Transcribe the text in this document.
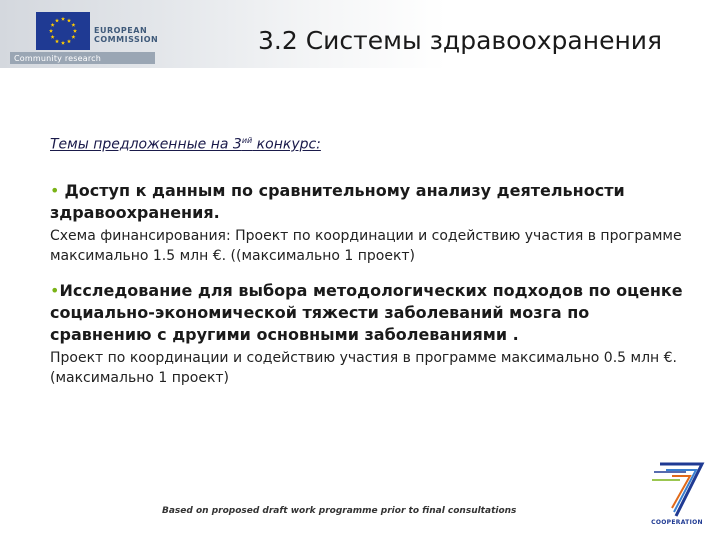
EUROPEAN
COMMISSION
Community research
3.2 Системы здравоохранения
Темы предложенные на $3^{ий}$ конкурс:
• Доступ к данным по сравнительному анализу деятельности здравоохранения.
Схема финансирования: Проект по координации и содействию участия в программе максимально 1.5 млн €. ((максимально 1 проект)
•Исследование для выбора методологических подходов по оценке социально-экономической тяжести заболеваний мозга по сравнению с другими основными заболеваниями .
Проект по координации и содействию участия в программе максимально 0.5 млн €. (максимально 1 проект)
Based on proposed draft work programme prior to final consultations
COOPERATION
